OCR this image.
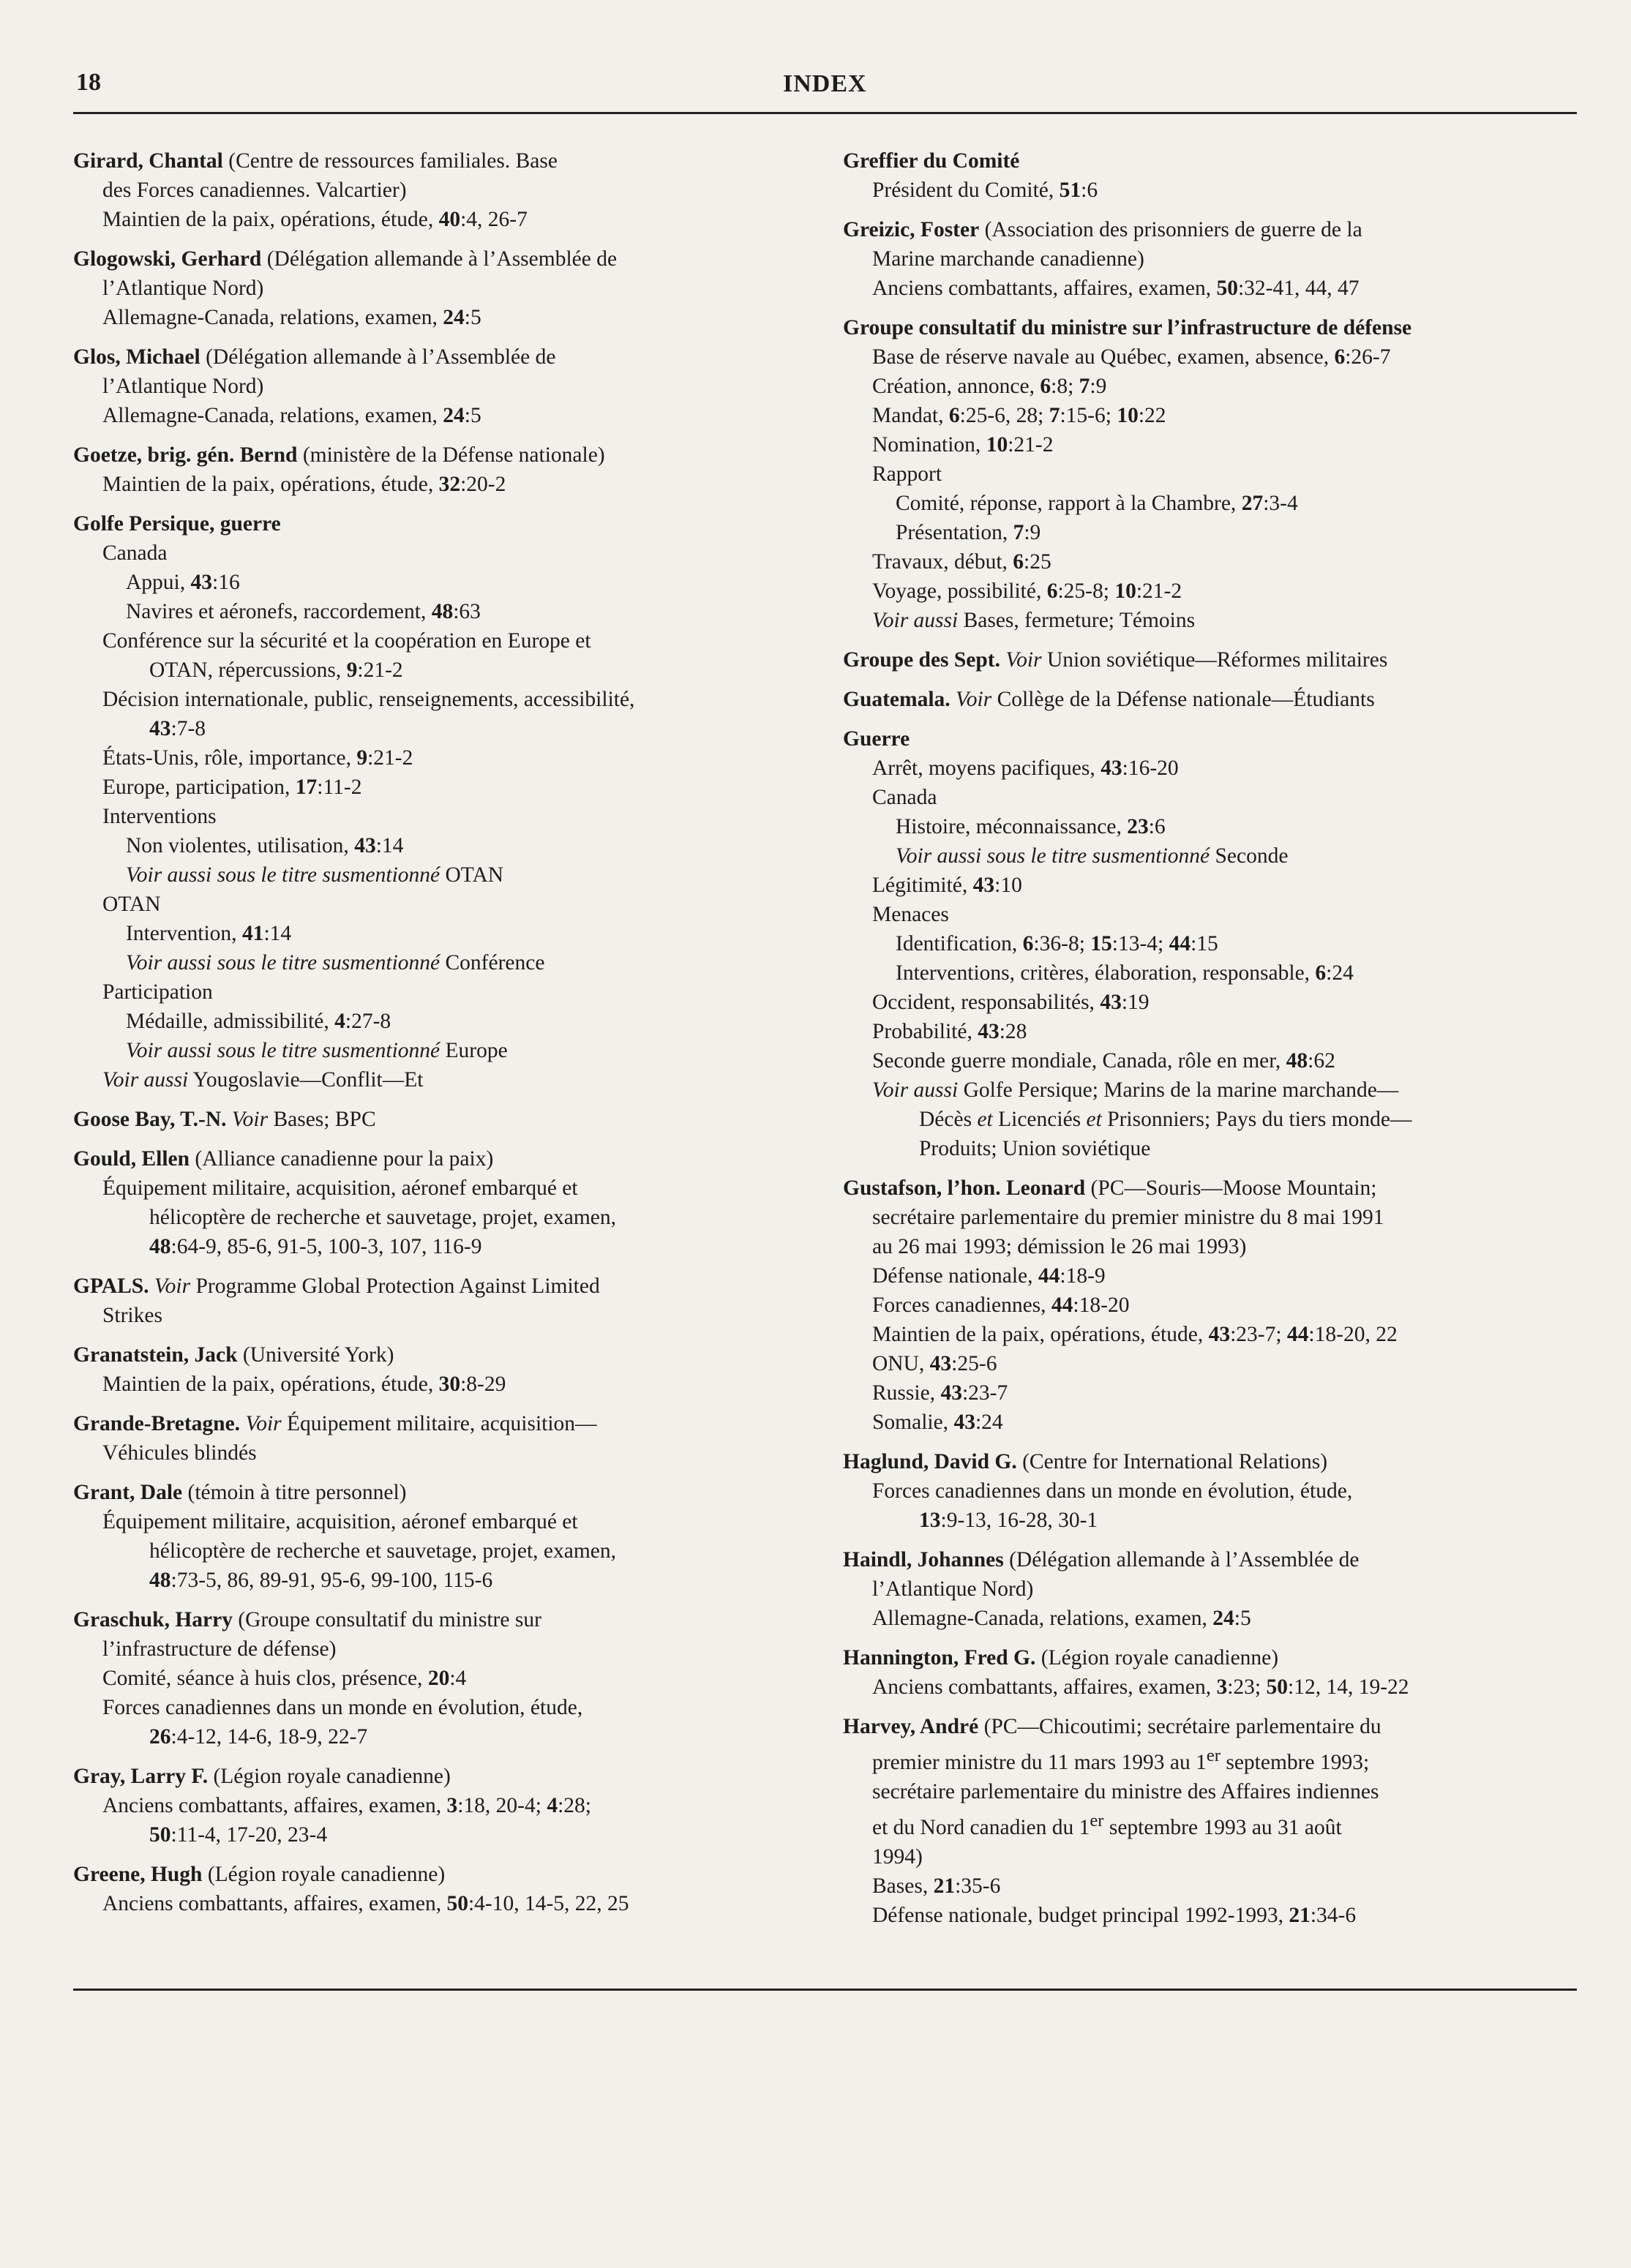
18	INDEX
Girard, Chantal (Centre de ressources familiales. Base
des Forces canadiennes. Valcartier)
Maintien de la paix, opérations, étude, 40:4, 26-7
Glogowski, Gerhard (Délégation allemande à l’Assemblée de
l’Atlantique Nord)
Allemagne-Canada, relations, examen, 24:5
Glos, Michael (Délégation allemande à l’Assemblée de
l’Atlantique Nord)
Allemagne-Canada, relations, examen, 24:5
Goetze, brig. gén. Bernd (ministère de la Défense nationale)
Maintien de la paix, opérations, étude, 32:20-2
Golfe Persique, guerre
Canada
Appui, 43:16
Navires et aéronefs, raccordement, 48:63
Conférence sur la sécurité et la coopération en Europe et
OTAN, répercussions, 9:21-2
Décision internationale, public, renseignements, accessibilité,
43:7-8
États-Unis, rôle, importance, 9:21-2
Europe, participation, 17:11-2
Interventions
Non violentes, utilisation, 43:14
Voir aussi sous le titre susmentionné OTAN
OTAN
Intervention, 41:14
Voir aussi sous le titre susmentionné Conférence
Participation
Médaille, admissibilité, 4:27-8
Voir aussi sous le titre susmentionné Europe
Voir aussi Yougoslavie—Conflit—Et
Goose Bay, T.-N. Voir Bases; BPC
Gould, Ellen (Alliance canadienne pour la paix)
Équipement militaire, acquisition, aéronef embarqué et
hélicoptère de recherche et sauvetage, projet, examen,
48:64-9, 85-6, 91-5, 100-3, 107, 116-9
GPALS. Voir Programme Global Protection Against Limited
Strikes
Granatstein, Jack (Université York)
Maintien de la paix, opérations, étude, 30:8-29
Grande-Bretagne. Voir Équipement militaire, acquisition—
Véhicules blindés
Grant, Dale (témoin à titre personnel)
Équipement militaire, acquisition, aéronef embarqué et
hélicoptère de recherche et sauvetage, projet, examen,
48:73-5, 86, 89-91, 95-6, 99-100, 115-6
Graschuk, Harry (Groupe consultatif du ministre sur
l’infrastructure de défense)
Comité, séance à huis clos, présence, 20:4
Forces canadiennes dans un monde en évolution, étude,
26:4-12, 14-6, 18-9, 22-7
Gray, Larry F. (Légion royale canadienne)
Anciens combattants, affaires, examen, 3:18, 20-4; 4:28;
50:11-4, 17-20, 23-4
Greene, Hugh (Légion royale canadienne)
Anciens combattants, affaires, examen, 50:4-10, 14-5, 22, 25
Greffier du Comité
Président du Comité, 51:6
Greizic, Foster (Association des prisonniers de guerre de la
Marine marchande canadienne)
Anciens combattants, affaires, examen, 50:32-41, 44, 47
Groupe consultatif du ministre sur l’infrastructure de défense
Base de réserve navale au Québec, examen, absence, 6:26-7
Création, annonce, 6:8; 7:9
Mandat, 6:25-6, 28; 7:15-6; 10:22
Nomination, 10:21-2
Rapport
Comité, réponse, rapport à la Chambre, 27:3-4
Présentation, 7:9
Travaux, début, 6:25
Voyage, possibilité, 6:25-8; 10:21-2
Voir aussi Bases, fermeture; Témoins
Groupe des Sept. Voir Union soviétique—Réformes militaires
Guatemala. Voir Collège de la Défense nationale—Étudiants
Guerre
Arrêt, moyens pacifiques, 43:16-20
Canada
Histoire, méconnaissance, 23:6
Voir aussi sous le titre susmentionné Seconde
Légitimité, 43:10
Menaces
Identification, 6:36-8; 15:13-4; 44:15
Interventions, critères, élaboration, responsable, 6:24
Occident, responsabilités, 43:19
Probabilité, 43:28
Seconde guerre mondiale, Canada, rôle en mer, 48:62
Voir aussi Golfe Persique; Marins de la marine marchande—
Décès et Licenciés et Prisonniers; Pays du tiers monde—
Produits; Union soviétique
Gustafson, l’hon. Leonard (PC—Souris—Moose Mountain;
secrétaire parlementaire du premier ministre du 8 mai 1991
au 26 mai 1993; démission le 26 mai 1993)
Défense nationale, 44:18-9
Forces canadiennes, 44:18-20
Maintien de la paix, opérations, étude, 43:23-7; 44:18-20, 22
ONU, 43:25-6
Russie, 43:23-7
Somalie, 43:24
Haglund, David G. (Centre for International Relations)
Forces canadiennes dans un monde en évolution, étude,
13:9-13, 16-28, 30-1
Haindl, Johannes (Délégation allemande à l’Assemblée de
l’Atlantique Nord)
Allemagne-Canada, relations, examen, 24:5
Hannington, Fred G. (Légion royale canadienne)
Anciens combattants, affaires, examen, 3:23; 50:12, 14, 19-22
Harvey, André (PC—Chicoutimi; secrétaire parlementaire du
premier ministre du 11 mars 1993 au 1er septembre 1993;
secrétaire parlementaire du ministre des Affaires indiennes
et du Nord canadien du 1er septembre 1993 au 31 août
1994)
Bases, 21:35-6
Défense nationale, budget principal 1992-1993, 21:34-6
